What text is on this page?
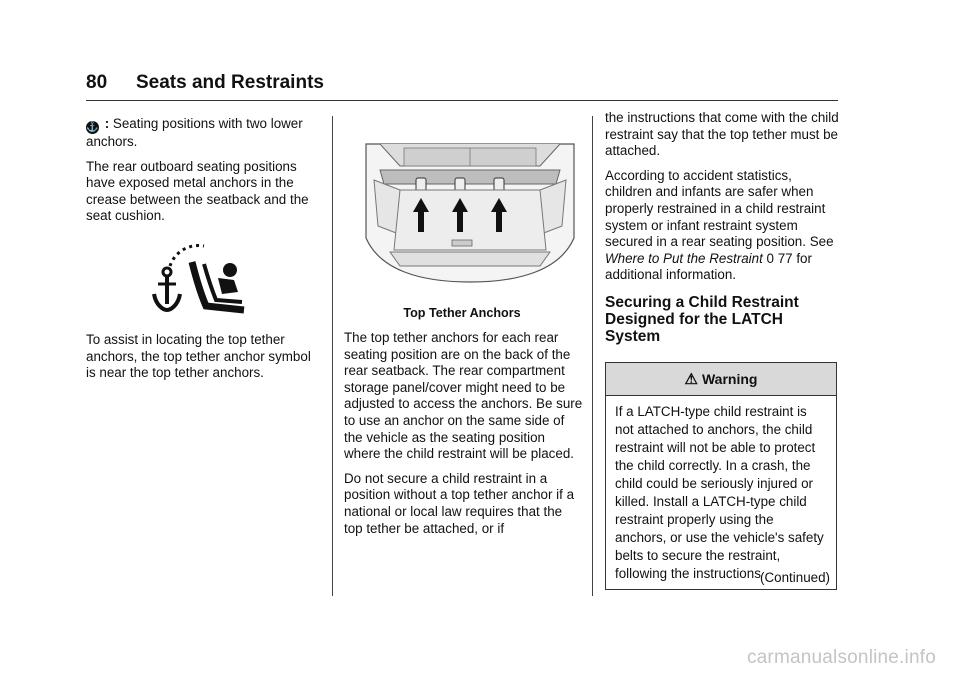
80 Seats and Restraints

⚓ : Seating positions with two lower anchors.

The rear outboard seating positions have exposed metal anchors in the crease between the seatback and the seat cushion.

To assist in locating the top tether anchors, the top tether anchor symbol is near the top tether anchors.

Top Tether Anchors

The top tether anchors for each rear seating position are on the back of the rear seatback. The rear compartment storage panel/cover might need to be adjusted to access the anchors. Be sure to use an anchor on the same side of the vehicle as the seating position where the child restraint will be placed.

Do not secure a child restraint in a position without a top tether anchor if a national or local law requires that the top tether be attached, or if

the instructions that come with the child restraint say that the top tether must be attached.

According to accident statistics, children and infants are safer when properly restrained in a child restraint system or infant restraint system secured in a rear seating position. See Where to Put the Restraint 0 77 for additional information.

Securing a Child Restraint Designed for the LATCH System
⚠ Warning
If a LATCH-type child restraint is not attached to anchors, the child restraint will not be able to protect the child correctly. In a crash, the child could be seriously injured or killed. Install a LATCH-type child restraint properly using the anchors, or use the vehicle's safety belts to secure the restraint, following the instructions (Continued)
carmanualsonline.info
